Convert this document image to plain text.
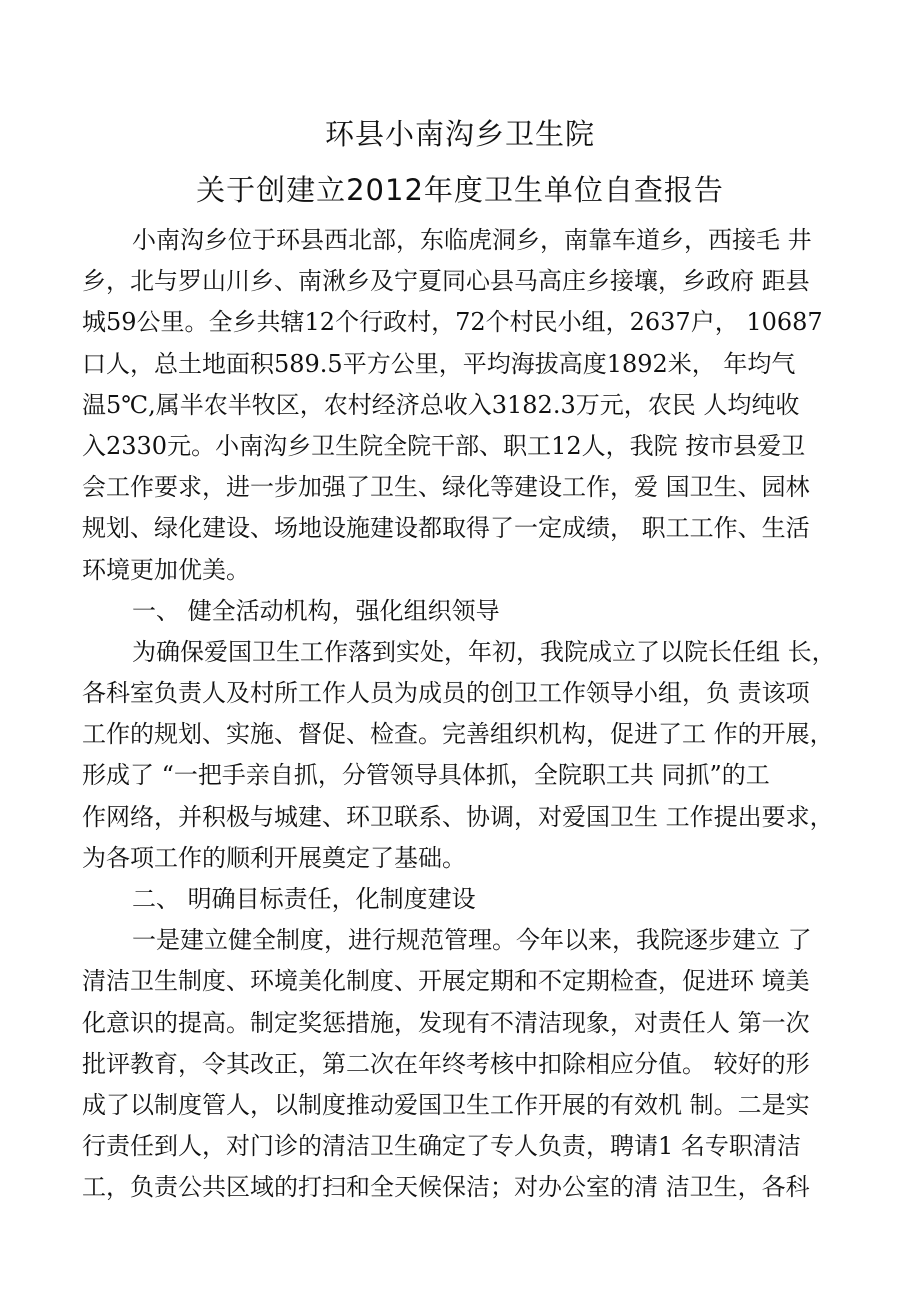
环县小南沟乡卫生院
关于创建立2012年度卫生单位自查报告
小南沟乡位于环县西北部，东临虎洞乡，南靠车道乡，西接毛 井
乡，北与罗山川乡、南湫乡及宁夏同心县马高庄乡接壤，乡政府 距县
城59公里。全乡共辖12个行政村，72个村民小组，2637户， 10687
口人，总土地面积589.5平方公里，平均海拔高度1892米， 年均气
温5℃,属半农半牧区，农村经济总收入3182.3万元，农民 人均纯收
入2330元。小南沟乡卫生院全院干部、职工12人，我院 按市县爱卫
会工作要求，进一步加强了卫生、绿化等建设工作，爱 国卫生、园林
规划、绿化建设、场地设施建设都取得了一定成绩， 职工工作、生活
环境更加优美。
一、 健全活动机构，强化组织领导
为确保爱国卫生工作落到实处，年初，我院成立了以院长任组 长，
各科室负责人及村所工作人员为成员的创卫工作领导小组，负 责该项
工作的规划、实施、督促、检查。完善组织机构，促进了工 作的开展，
形成了 “一把手亲自抓，分管领导具体抓，全院职工共 同抓”的工
作网络，并积极与城建、环卫联系、协调，对爱国卫生 工作提出要求，
为各项工作的顺利开展奠定了基础。
二、 明确目标责任，化制度建设
一是建立健全制度，进行规范管理。今年以来，我院逐步建立 了
清洁卫生制度、环境美化制度、开展定期和不定期检查，促进环 境美
化意识的提高。制定奖惩措施，发现有不清洁现象，对责任人 第一次
批评教育，令其改正，第二次在年终考核中扣除相应分值。 较好的形
成了以制度管人，以制度推动爱国卫生工作开展的有效机 制。二是实
行责任到人，对门诊的清洁卫生确定了专人负责，聘请1 名专职清洁
工，负责公共区域的打扫和全天候保洁；对办公室的清 洁卫生，各科
